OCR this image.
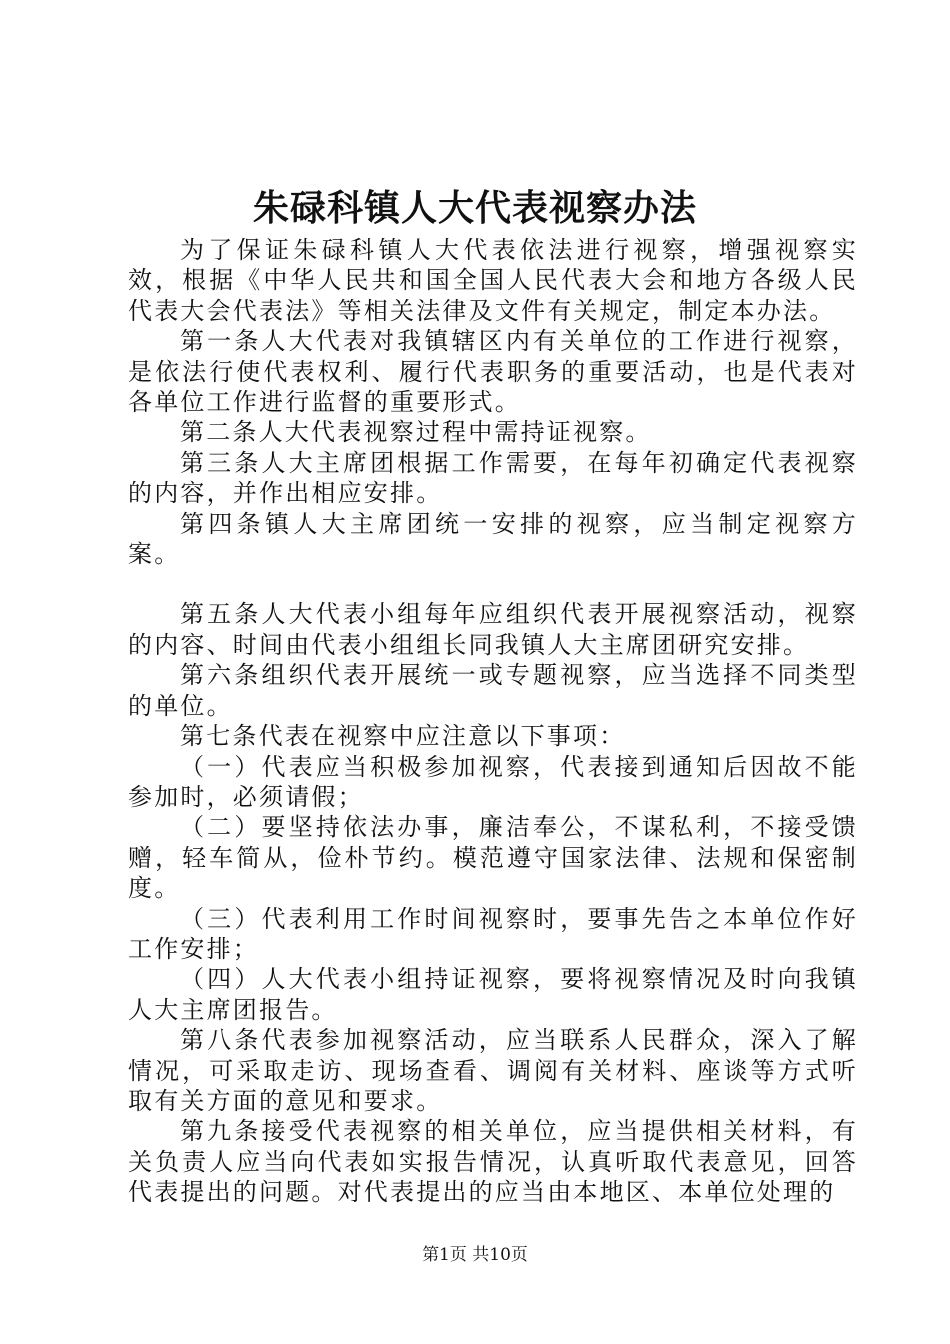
朱碌科镇人大代表视察办法

为了保证朱碌科镇人大代表依法进行视察，增强视察实效，根据《中华人民共和国全国人民代表大会和地方各级人民代表大会代表法》等相关法律及文件有关规定，制定本办法。

第一条人大代表对我镇辖区内有关单位的工作进行视察，是依法行使代表权利、履行代表职务的重要活动，也是代表对各单位工作进行监督的重要形式。

第二条人大代表视察过程中需持证视察。

第三条人大主席团根据工作需要，在每年初确定代表视察的内容，并作出相应安排。

第四条镇人大主席团统一安排的视察，应当制定视察方案。

第五条人大代表小组每年应组织代表开展视察活动，视察的内容、时间由代表小组组长同我镇人大主席团研究安排。

第六条组织代表开展统一或专题视察，应当选择不同类型的单位。

第七条代表在视察中应注意以下事项：

（一）代表应当积极参加视察，代表接到通知后因故不能参加时，必须请假；

（二）要坚持依法办事，廉洁奉公，不谋私利，不接受馈赠，轻车简从，俭朴节约。模范遵守国家法律、法规和保密制度。

（三）代表利用工作时间视察时，要事先告之本单位作好工作安排；

（四）人大代表小组持证视察，要将视察情况及时向我镇人大主席团报告。

第八条代表参加视察活动，应当联系人民群众，深入了解情况，可采取走访、现场查看、调阅有关材料、座谈等方式听取有关方面的意见和要求。

第九条接受代表视察的相关单位，应当提供相关材料，有关负责人应当向代表如实报告情况，认真听取代表意见，回答代表提出的问题。对代表提出的应当由本地区、本单位处理的

第1页 共10页
